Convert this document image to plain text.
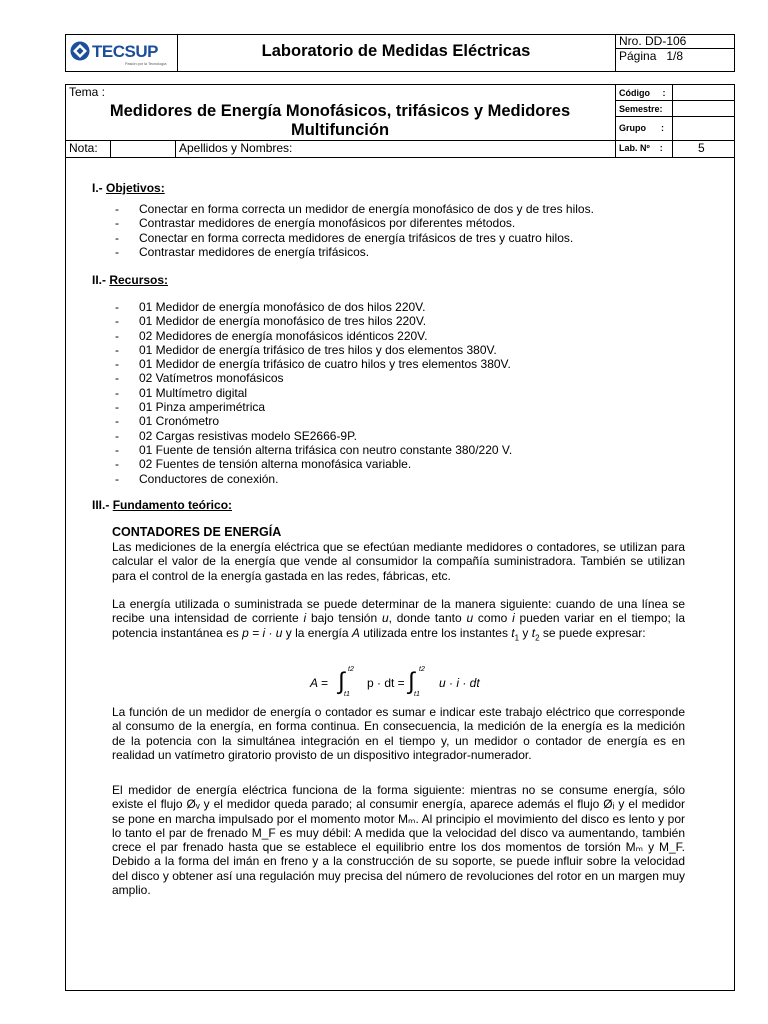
TECSUP
Pasión por la Tecnología
Laboratorio de Medidas Eléctricas
Nro. DD-106
Página   1/8
Tema :
Medidores de Energía Monofásicos, trifásicos y Medidores
Multifunción
Código     :
Semestre:
Grupo      :
Lab. Nº    :	5
Nota:	Apellidos y Nombres:
I.- Objetivos:
- Conectar en forma correcta un medidor de energía monofásico de dos y de tres hilos.
- Contrastar medidores de energía monofásicos por diferentes métodos.
- Conectar en forma correcta medidores de energía trifásicos de tres y cuatro hilos.
- Contrastar medidores de energía trifásicos.
II.- Recursos:
- 01 Medidor de energía monofásico de dos hilos 220V.
- 01 Medidor de energía monofásico de tres hilos 220V.
- 02 Medidores de energía monofásicos idénticos 220V.
- 01 Medidor de energía trifásico de tres hilos y dos elementos 380V.
- 01 Medidor de energía trifásico de cuatro hilos y tres elementos 380V.
- 02 Vatímetros monofásicos
- 01 Multímetro digital
- 01 Pinza amperimétrica
- 01 Cronómetro
- 02 Cargas resistivas modelo SE2666-9P.
- 01 Fuente de tensión alterna trifásica con neutro constante 380/220 V.
- 02 Fuentes de tensión alterna monofásica variable.
- Conductores de conexión.
III.- Fundamento teórico:
CONTADORES DE ENERGÍA
Las mediciones de la energía eléctrica que se efectúan mediante medidores o contadores, se utilizan para calcular el valor de la energía que vende al consumidor la compañía suministradora. También se utilizan para el control de la energía gastada en las redes, fábricas, etc.
La energía utilizada o suministrada se puede determinar de la manera siguiente: cuando de una línea se recibe una intensidad de corriente i bajo tensión u, donde tanto u como i pueden variar en el tiempo; la potencia instantánea es p = i · u y la energía A utilizada entre los instantes $t_1$ y $t_2$ se puede expresar:
A = ∫ t2
t1
p · dt = ∫ t2
t1
u · i · dt
La función de un medidor de energía o contador es sumar e indicar este trabajo eléctrico que corresponde al consumo de la energía, en forma continua. En consecuencia, la medición de la energía es la medición de la potencia con la simultánea integración en el tiempo y, un medidor o contador de energía es en realidad un vatímetro giratorio provisto de un dispositivo integrador-numerador.
El medidor de energía eléctrica funciona de la forma siguiente: mientras no se consume energía, sólo existe el flujo Øᵥ y el medidor queda parado; al consumir energía, aparece además el flujo Øᵢ y el medidor se pone en marcha impulsado por el momento motor Mₘ. Al principio el movimiento del disco es lento y por lo tanto el par de frenado M_F es muy débil: A medida que la velocidad del disco va aumentando, también crece el par frenado hasta que se establece el equilibrio entre los dos momentos de torsión Mₘ y M_F. Debido a la forma del imán en freno y a la construcción de su soporte, se puede influir sobre la velocidad del disco y obtener así una regulación muy precisa del número de revoluciones del rotor en un margen muy amplio.
